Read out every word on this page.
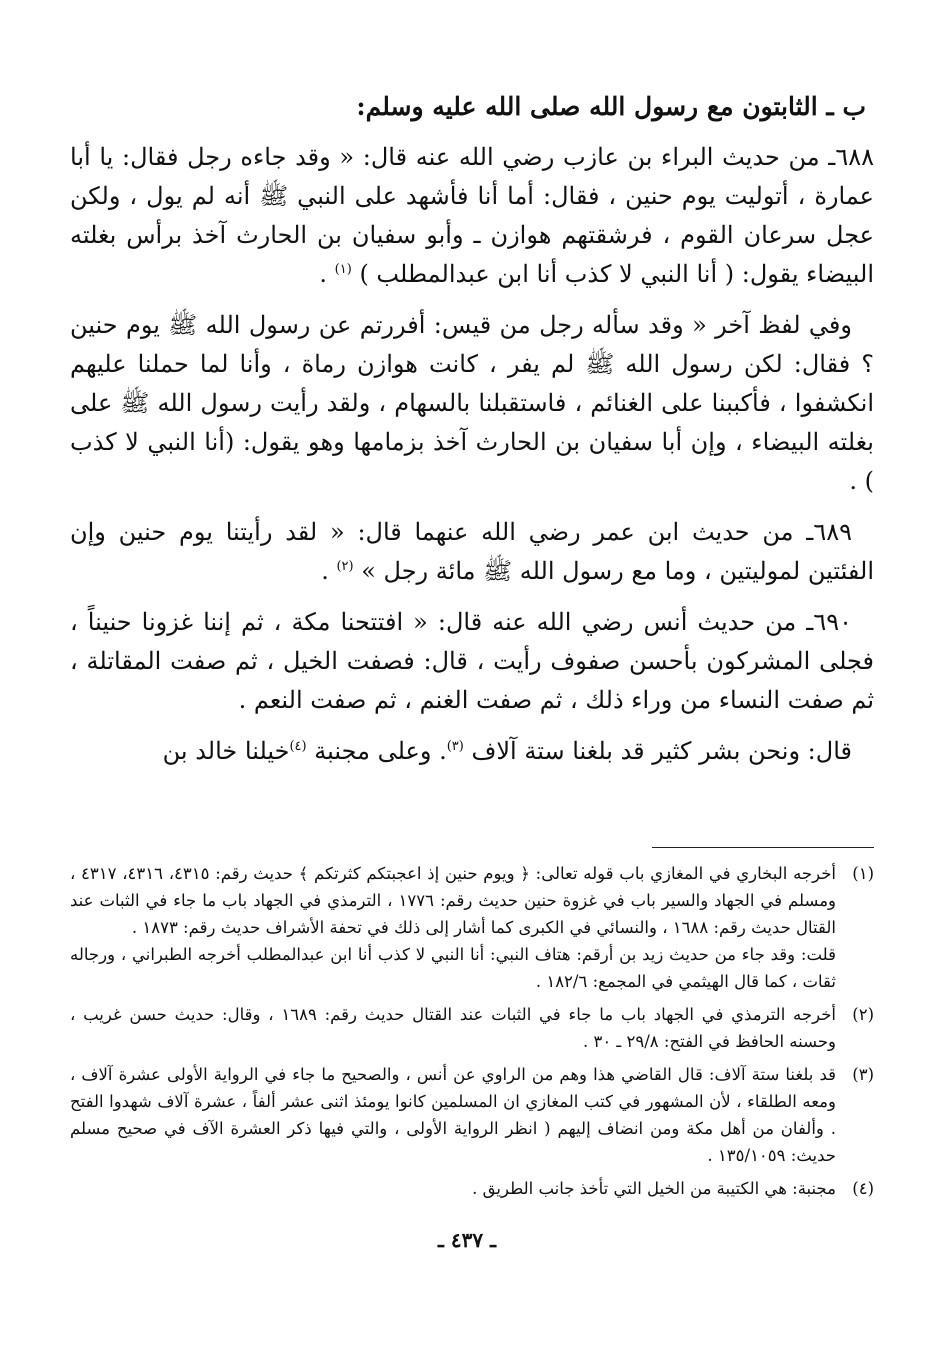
ب ـ الثابتون مع رسول الله صلى الله عليه وسلم:

٦٨٨ـ من حديث البراء بن عازب رضي الله عنه قال: « وقد جاءه رجل فقال: يا أبا عمارة ، أتوليت يوم حنين ، فقال: أما أنا فأشهد على النبي ﷺ أنه لم يول ، ولكن عجل سرعان القوم ، فرشقتهم هوازن ـ وأبو سفيان بن الحارث آخذ برأس بغلته البيضاء يقول: ( أنا النبي لا كذب أنا ابن عبدالمطلب ) $^{(١)}$ .

وفي لفظ آخر « وقد سأله رجل من قيس: أفررتم عن رسول الله ﷺ يوم حنين ؟ فقال: لكن رسول الله ﷺ لم يفر ، كانت هوازن رماة ، وأنا لما حملنا عليهم انكشفوا ، فأكببنا على الغنائم ، فاستقبلنا بالسهام ، ولقد رأيت رسول الله ﷺ على بغلته البيضاء ، وإن أبا سفيان بن الحارث آخذ بزمامها وهو يقول: (أنا النبي لا كذب ) .

٦٨٩ـ من حديث ابن عمر رضي الله عنهما قال: « لقد رأيتنا يوم حنين وإن الفئتين لموليتين ، وما مع رسول الله ﷺ مائة رجل » $^{(٢)}$ .

٦٩٠ـ من حديث أنس رضي الله عنه قال: « افتتحنا مكة ، ثم إننا غزونا حنيناً ، فجلى المشركون بأحسن صفوف رأيت ، قال: فصفت الخيل ، ثم صفت المقاتلة ، ثم صفت النساء من وراء ذلك ، ثم صفت الغنم ، ثم صفت النعم .

قال: ونحن بشر كثير قد بلغنا ستة آلاف $^{(٣)}$. وعلى مجنبة $^{(٤)}$خيلنا خالد بن

(١)
أخرجه البخاري في المغازي باب قوله تعالى: ﴿ ويوم حنين إذ اعجبتكم كثرتكم ﴾ حديث رقم: ٤٣١٥، ٤٣١٦، ٤٣١٧ ، ومسلم في الجهاد والسير باب في غزوة حنين حديث رقم: ١٧٧٦ ، الترمذي في الجهاد باب ما جاء في الثبات عند القتال حديث رقم: ١٦٨٨ ، والنسائي في الكبرى كما أشار إلى ذلك في تحفة الأشراف حديث رقم: ١٨٧٣ .
قلت: وقد جاء من حديث زيد بن أرقم: هتاف النبي: أنا النبي لا كذب أنا ابن عبدالمطلب أخرجه الطبراني ، ورجاله ثقات ، كما قال الهيثمي في المجمع: ١٨٢/٦ .
(٢)
أخرجه الترمذي في الجهاد باب ما جاء في الثبات عند القتال حديث رقم: ١٦٨٩ ، وقال: حديث حسن غريب ، وحسنه الحافظ في الفتح: ٢٩/٨ ـ ٣٠ .
(٣)
قد بلغنا ستة آلاف: قال القاضي هذا وهم من الراوي عن أنس ، والصحيح ما جاء في الرواية الأولى عشرة آلاف ، ومعه الطلقاء ، لأن المشهور في كتب المغازي ان المسلمين كانوا يومئذ اثنى عشر ألفاً ، عشرة آلاف شهدوا الفتح . وألفان من أهل مكة ومن انضاف إليهم ( انظر الرواية الأولى ، والتي فيها ذكر العشرة الآف في صحيح مسلم حديث: ١٣٥/١٠٥٩ .
(٤)
مجنبة: هي الكتيبة من الخيل التي تأخذ جانب الطريق .
ـ ٤٣٧ ـ
